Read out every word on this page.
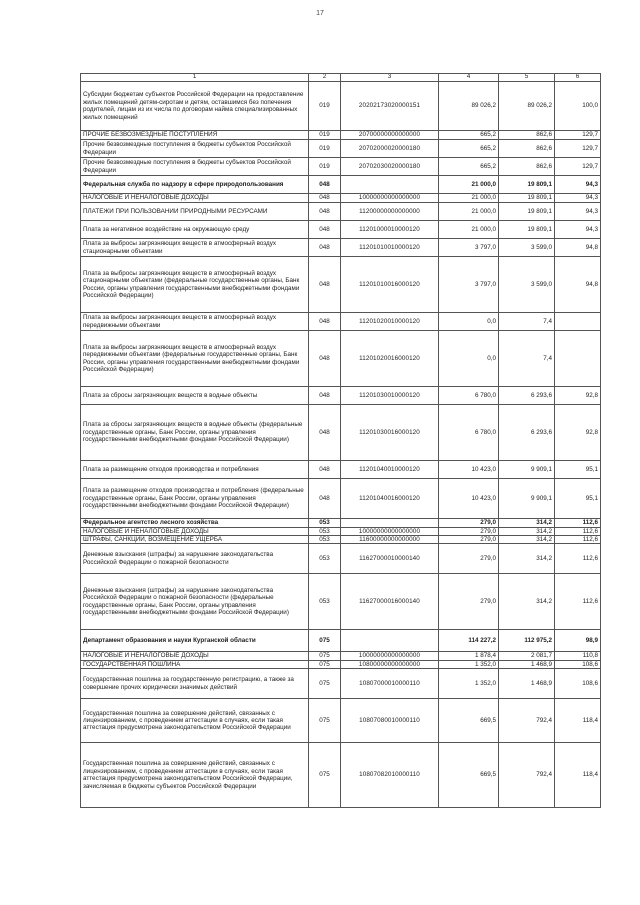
17
1	2	3	4	5	6
Субсидии бюджетам субъектов Российской Федерации на предоставление жилых помещений детям-сиротам и детям, оставшимся без попечения родителей, лицам из их числа по договорам найма специализированных жилых помещений	019	20202173020000151	89 026,2	89 026,2	100,0
ПРОЧИЕ БЕЗВОЗМЕЗДНЫЕ ПОСТУПЛЕНИЯ	019	20700000000000000	665,2	862,6	129,7
Прочие безвозмездные поступления в бюджеты субъектов Российской Федерации	019	20702000020000180	665,2	862,6	129,7
Прочие безвозмездные поступления в бюджеты субъектов Российской Федерации	019	20702030020000180	665,2	862,6	129,7
Федеральная служба по надзору в сфере природопользования	048		21 000,0	19 809,1	94,3
НАЛОГОВЫЕ И НЕНАЛОГОВЫЕ ДОХОДЫ	048	10000000000000000	21 000,0	19 809,1	94,3
ПЛАТЕЖИ ПРИ ПОЛЬЗОВАНИИ ПРИРОДНЫМИ РЕСУРСАМИ	048	11200000000000000	21 000,0	19 809,1	94,3
Плата за негативное воздействие на окружающую среду	048	11201000010000120	21 000,0	19 809,1	94,3
Плата за выбросы загрязняющих веществ в атмосферный воздух стационарными объектами	048	11201010010000120	3 797,0	3 599,0	94,8
Плата за выбросы загрязняющих веществ в атмосферный воздух стационарными объектами (федеральные государственные органы, Банк России, органы управления государственными внебюджетными фондами Российской Федерации)	048	11201010016000120	3 797,0	3 599,0	94,8
Плата за выбросы загрязняющих веществ в атмосферный воздух передвижными объектами	048	11201020010000120	0,0	7,4	
Плата за выбросы загрязняющих веществ в атмосферный воздух передвижными объектами (федеральные государственные органы, Банк России, органы управления государственными внебюджетными фондами Российской Федерации)	048	11201020016000120	0,0	7,4	
Плата за сбросы загрязняющих веществ в водные объекты	048	11201030010000120	6 780,0	6 293,6	92,8
Плата за сбросы загрязняющих веществ в водные объекты (федеральные государственные органы, Банк России, органы управления государственными внебюджетными фондами Российской Федерации)	048	11201030016000120	6 780,0	6 293,6	92,8
Плата за размещение отходов производства и потребления	048	11201040010000120	10 423,0	9 909,1	95,1
Плата за размещение отходов производства и потребления (федеральные государственные органы, Банк России, органы управления государственными внебюджетными фондами Российской Федерации)	048	11201040016000120	10 423,0	9 909,1	95,1
Федеральное агентство лесного хозяйства	053		279,0	314,2	112,6
НАЛОГОВЫЕ И НЕНАЛОГОВЫЕ ДОХОДЫ	053	10000000000000000	279,0	314,2	112,6
ШТРАФЫ, САНКЦИИ, ВОЗМЕЩЕНИЕ УЩЕРБА	053	11600000000000000	279,0	314,2	112,6
Денежные взыскания (штрафы) за нарушение законодательства Российской Федерации о пожарной безопасности	053	11627000010000140	279,0	314,2	112,6
Денежные взыскания (штрафы) за нарушение законодательства Российской Федерации о пожарной безопасности (федеральные государственные органы, Банк России, органы управления государственными внебюджетными фондами Российской Федерации)	053	11627000016000140	279,0	314,2	112,6
Департамент образования и науки Курганской области	075		114 227,2	112 975,2	98,9
НАЛОГОВЫЕ И НЕНАЛОГОВЫЕ ДОХОДЫ	075	10000000000000000	1 878,4	2 081,7	110,8
ГОСУДАРСТВЕННАЯ ПОШЛИНА	075	10800000000000000	1 352,0	1 468,9	108,6
Государственная пошлина за государственную регистрацию, а также за совершение прочих юридически значимых действий	075	10807000010000110	1 352,0	1 468,9	108,6
Государственная пошлина за совершение действий, связанных с лицензированием, с проведением аттестации в случаях, если такая аттестация предусмотрена законодательством Российской Федерации	075	10807080010000110	669,5	792,4	118,4
Государственная пошлина за совершение действий, связанных с лицензированием, с проведением аттестации в случаях, если такая аттестация предусмотрена законодательством Российской Федерации, зачисляемая в бюджеты субъектов Российской Федерации	075	10807082010000110	669,5	792,4	118,4
